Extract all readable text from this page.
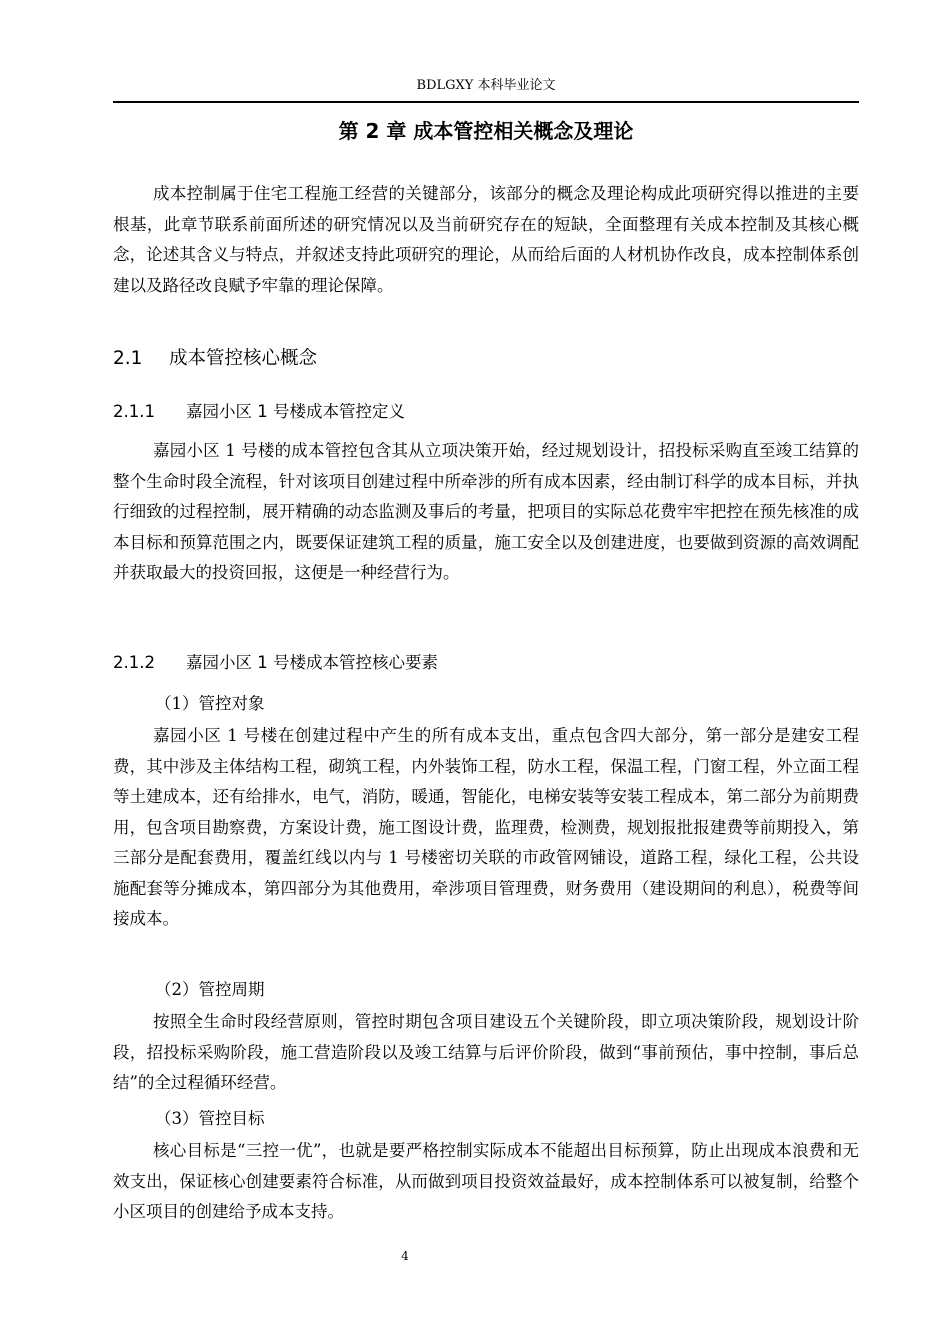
BDLGXY 本科毕业论文
第 2 章 成本管控相关概念及理论

成本控制属于住宅工程施工经营的关键部分，该部分的概念及理论构成此项研究得以推进的主要根基，此章节联系前面所述的研究情况以及当前研究存在的短缺，全面整理有关成本控制及其核心概念，论述其含义与特点，并叙述支持此项研究的理论，从而给后面的人材机协作改良，成本控制体系创建以及路径改良赋予牢靠的理论保障。

2.1 成本管控核心概念
2.1.1 嘉园小区 1 号楼成本管控定义

嘉园小区 1 号楼的成本管控包含其从立项决策开始，经过规划设计，招投标采购直至竣工结算的整个生命时段全流程，针对该项目创建过程中所牵涉的所有成本因素，经由制订科学的成本目标，并执行细致的过程控制，展开精确的动态监测及事后的考量，把项目的实际总花费牢牢把控在预先核准的成本目标和预算范围之内，既要保证建筑工程的质量，施工安全以及创建进度，也要做到资源的高效调配并获取最大的投资回报，这便是一种经营行为。

2.1.2 嘉园小区 1 号楼成本管控核心要素
（1）管控对象

嘉园小区 1 号楼在创建过程中产生的所有成本支出，重点包含四大部分，第一部分是建安工程费，其中涉及主体结构工程，砌筑工程，内外装饰工程，防水工程，保温工程，门窗工程，外立面工程等土建成本，还有给排水，电气，消防，暖通，智能化，电梯安装等安装工程成本，第二部分为前期费用，包含项目勘察费，方案设计费，施工图设计费，监理费，检测费，规划报批报建费等前期投入，第三部分是配套费用，覆盖红线以内与 1 号楼密切关联的市政管网铺设，道路工程，绿化工程，公共设施配套等分摊成本，第四部分为其他费用，牵涉项目管理费，财务费用（建设期间的利息），税费等间接成本。

（2）管控周期

按照全生命时段经营原则，管控时期包含项目建设五个关键阶段，即立项决策阶段，规划设计阶段，招投标采购阶段，施工营造阶段以及竣工结算与后评价阶段，做到“事前预估，事中控制，事后总结”的全过程循环经营。

（3）管控目标

核心目标是“三控一优”，也就是要严格控制实际成本不能超出目标预算，防止出现成本浪费和无效支出，保证核心创建要素符合标准，从而做到项目投资效益最好，成本控制体系可以被复制，给整个小区项目的创建给予成本支持。

4
